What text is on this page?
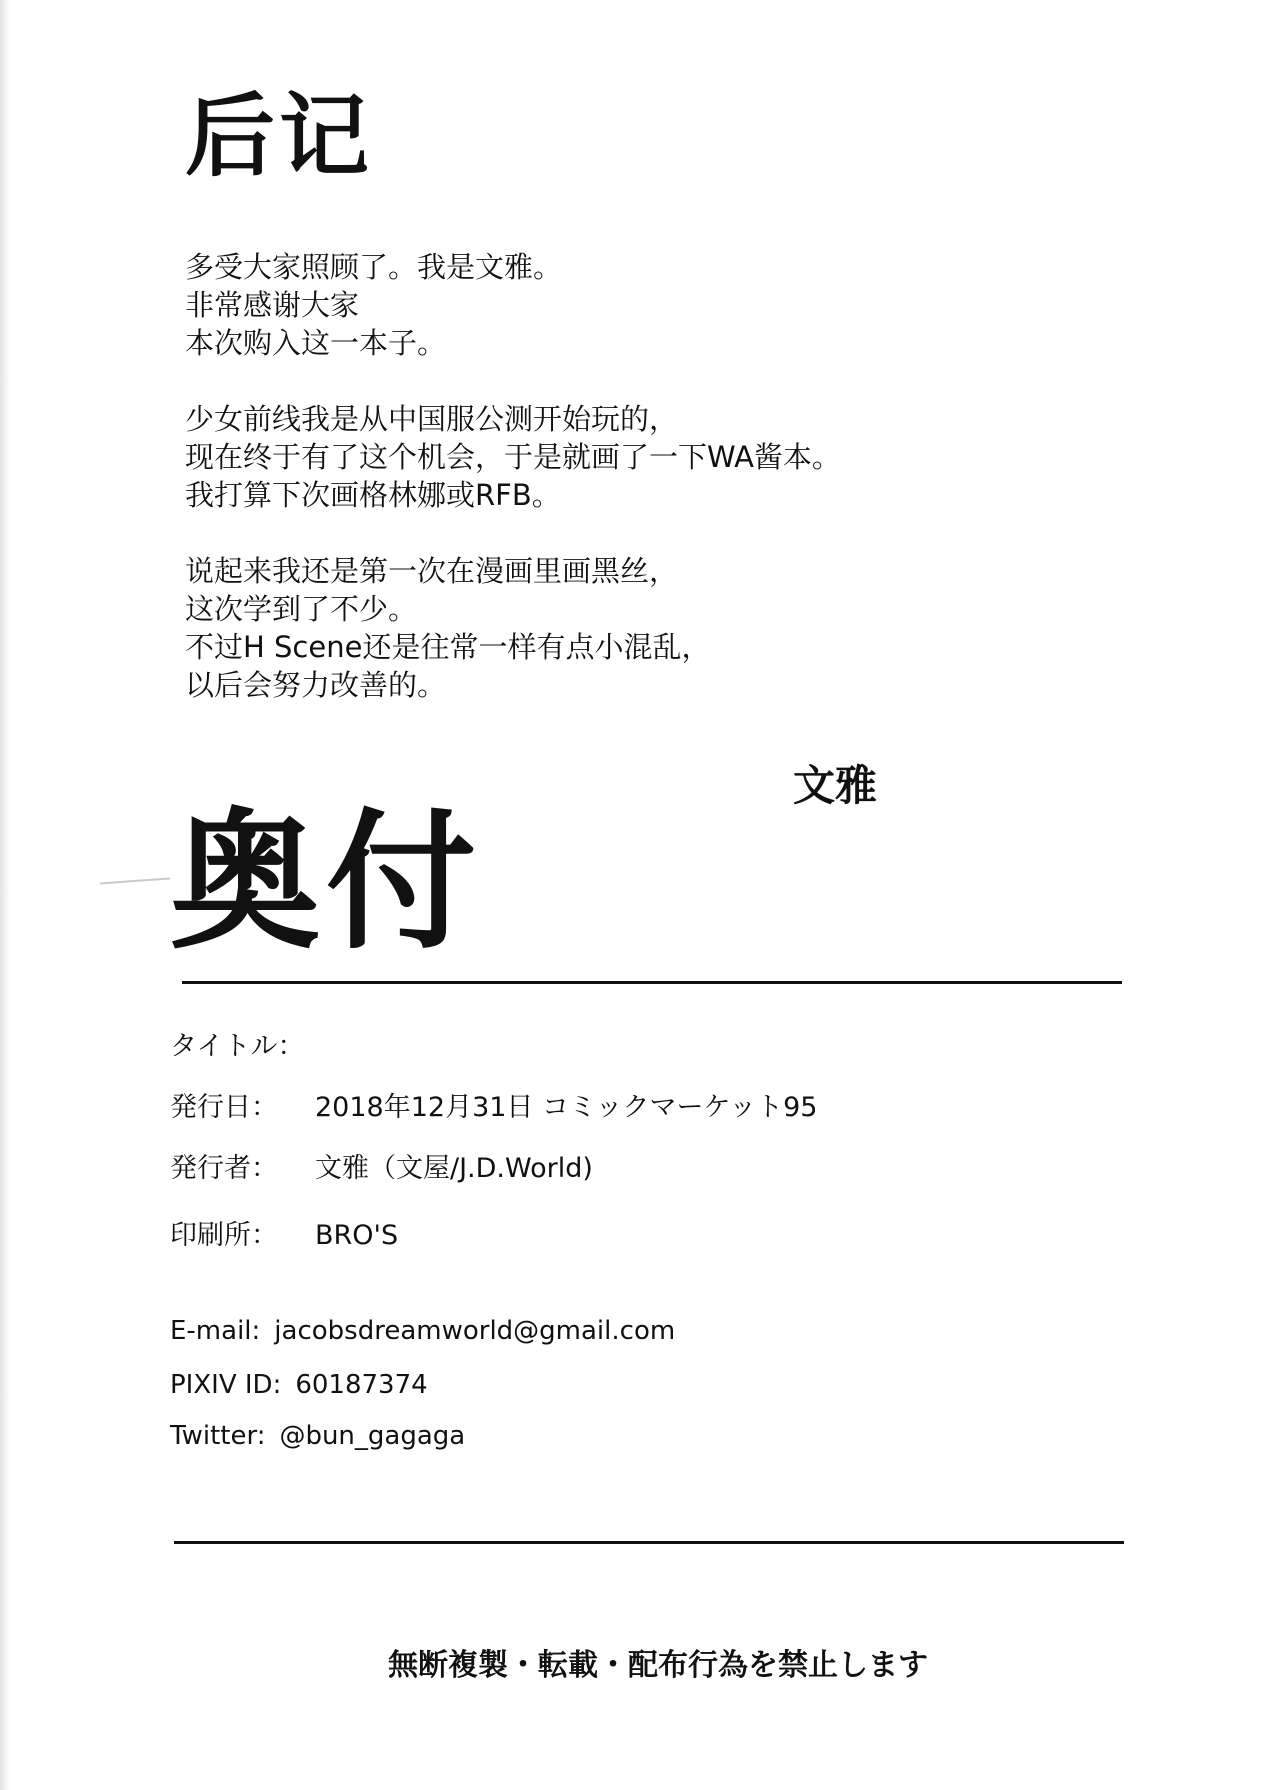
后记
多受大家照顾了。我是文雅。
非常感谢大家
本次购入这一本子。
少女前线我是从中国服公测开始玩的，
现在终于有了这个机会，于是就画了一下WA酱本。
我打算下次画格林娜或RFB。
说起来我还是第一次在漫画里画黑丝，
这次学到了不少。
不过H Scene还是往常一样有点小混乱，
以后会努力改善的。
文雅
奥付
タイトル：
発行日： 2018年12月31日 コミックマーケット95
発行者： 文雅（文屋/J.D.World)
印刷所： BRO'S
E-mail: jacobsdreamworld@gmail.com
PIXIV ID: 60187374
Twitter: @bun_gagaga
無断複製・転載・配布行為を禁止します
